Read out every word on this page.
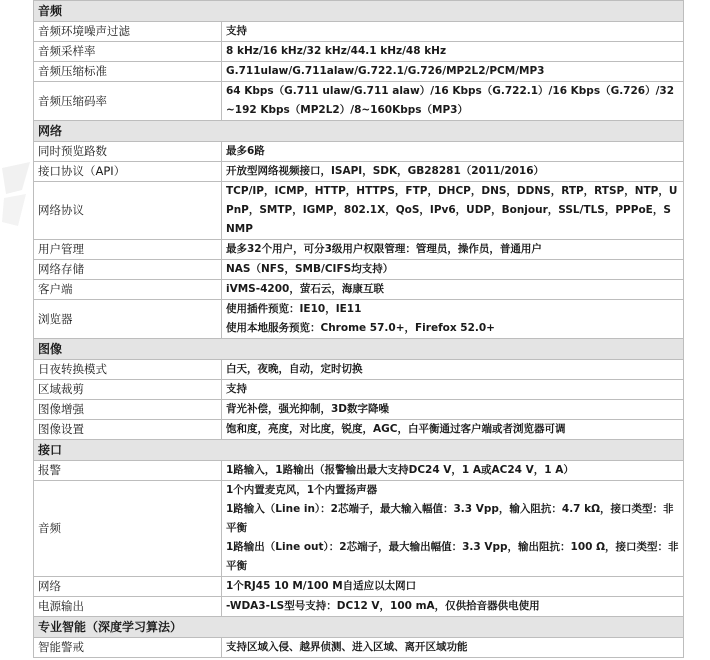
音频	
音频环境噪声过滤	支持

音频采样率	8 kHz/16 kHz/32 kHz/44.1 kHz/48 kHz

音频压缩标准	G.711ulaw/G.711alaw/G.722.1/G.726/MP2L2/PCM/MP3

音频压缩码率	64 Kbps（G.711 ulaw/G.711 alaw）/16 Kbps（G.722.1）/16 Kbps（G.726）/32~192 Kbps（MP2L2）/8~160Kbps（MP3）

网络	
同时预览路数	最多6路

接口协议（API）	开放型网络视频接口，ISAPI，SDK，GB28281（2011/2016）

网络协议	TCP/IP，ICMP，HTTP，HTTPS，FTP，DHCP，DNS，DDNS，RTP，RTSP，NTP，UPnP，SMTP，IGMP，802.1X，QoS，IPv6，UDP，Bonjour，SSL/TLS，PPPoE，SNMP

用户管理	最多32个用户，可分3级用户权限管理：管理员，操作员，普通用户

网络存储	NAS（NFS，SMB/CIFS均支持）

客户端	iVMS-4200，萤石云，海康互联

浏览器	使用插件预览：IE10，IE11
使用本地服务预览：Chrome 57.0+，Firefox 52.0+

图像	
日夜转换模式	白天，夜晚，自动，定时切换

区域裁剪	支持

图像增强	背光补偿，强光抑制，3D数字降噪

图像设置	饱和度，亮度，对比度，锐度，AGC，白平衡通过客户端或者浏览器可调

接口	
报警	1路输入，1路输出（报警输出最大支持DC24 V，1 A或AC24 V，1 A）

音频	1个内置麦克风，1个内置扬声器
1路输入（Line in）：2芯端子，最大输入幅值：3.3 Vpp，输入阻抗：4.7 kΩ，接口类型：非平衡
1路输出（Line out）：2芯端子，最大输出幅值：3.3 Vpp，输出阻抗：100 Ω，接口类型：非平衡

网络	1个RJ45 10 M/100 M自适应以太网口

电源输出	-WDA3-LS型号支持：DC12 V，100 mA，仅供拾音器供电使用

专业智能（深度学习算法）	
智能警戒	支持区域入侵、越界侦测、进入区域、离开区域功能
